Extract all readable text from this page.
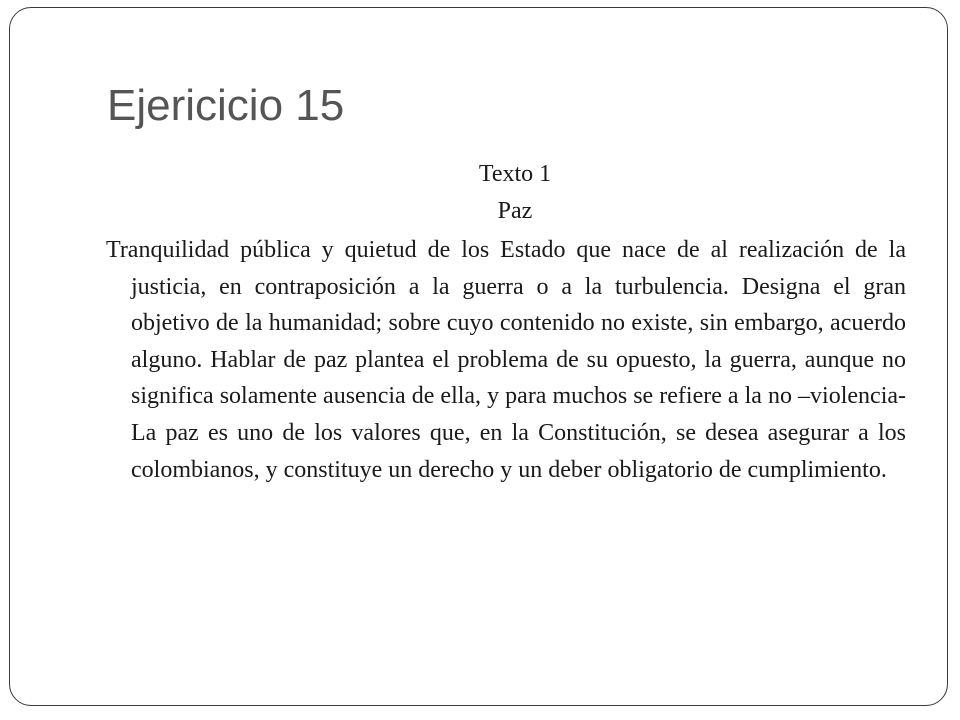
Ejericicio 15

Texto 1

Paz

Tranquilidad pública y quietud de los Estado que nace de al realización de la justicia, en contraposición a la guerra o a la turbulencia. Designa el gran objetivo de la humanidad; sobre cuyo contenido no existe, sin embargo, acuerdo alguno. Hablar de paz plantea el problema de su opuesto, la guerra, aunque no significa solamente ausencia de ella, y para muchos se refiere a la no –violencia- La paz es uno de los valores que, en la Constitución, se desea asegurar a los colombianos, y constituye un derecho y un deber obligatorio de cumplimiento.
